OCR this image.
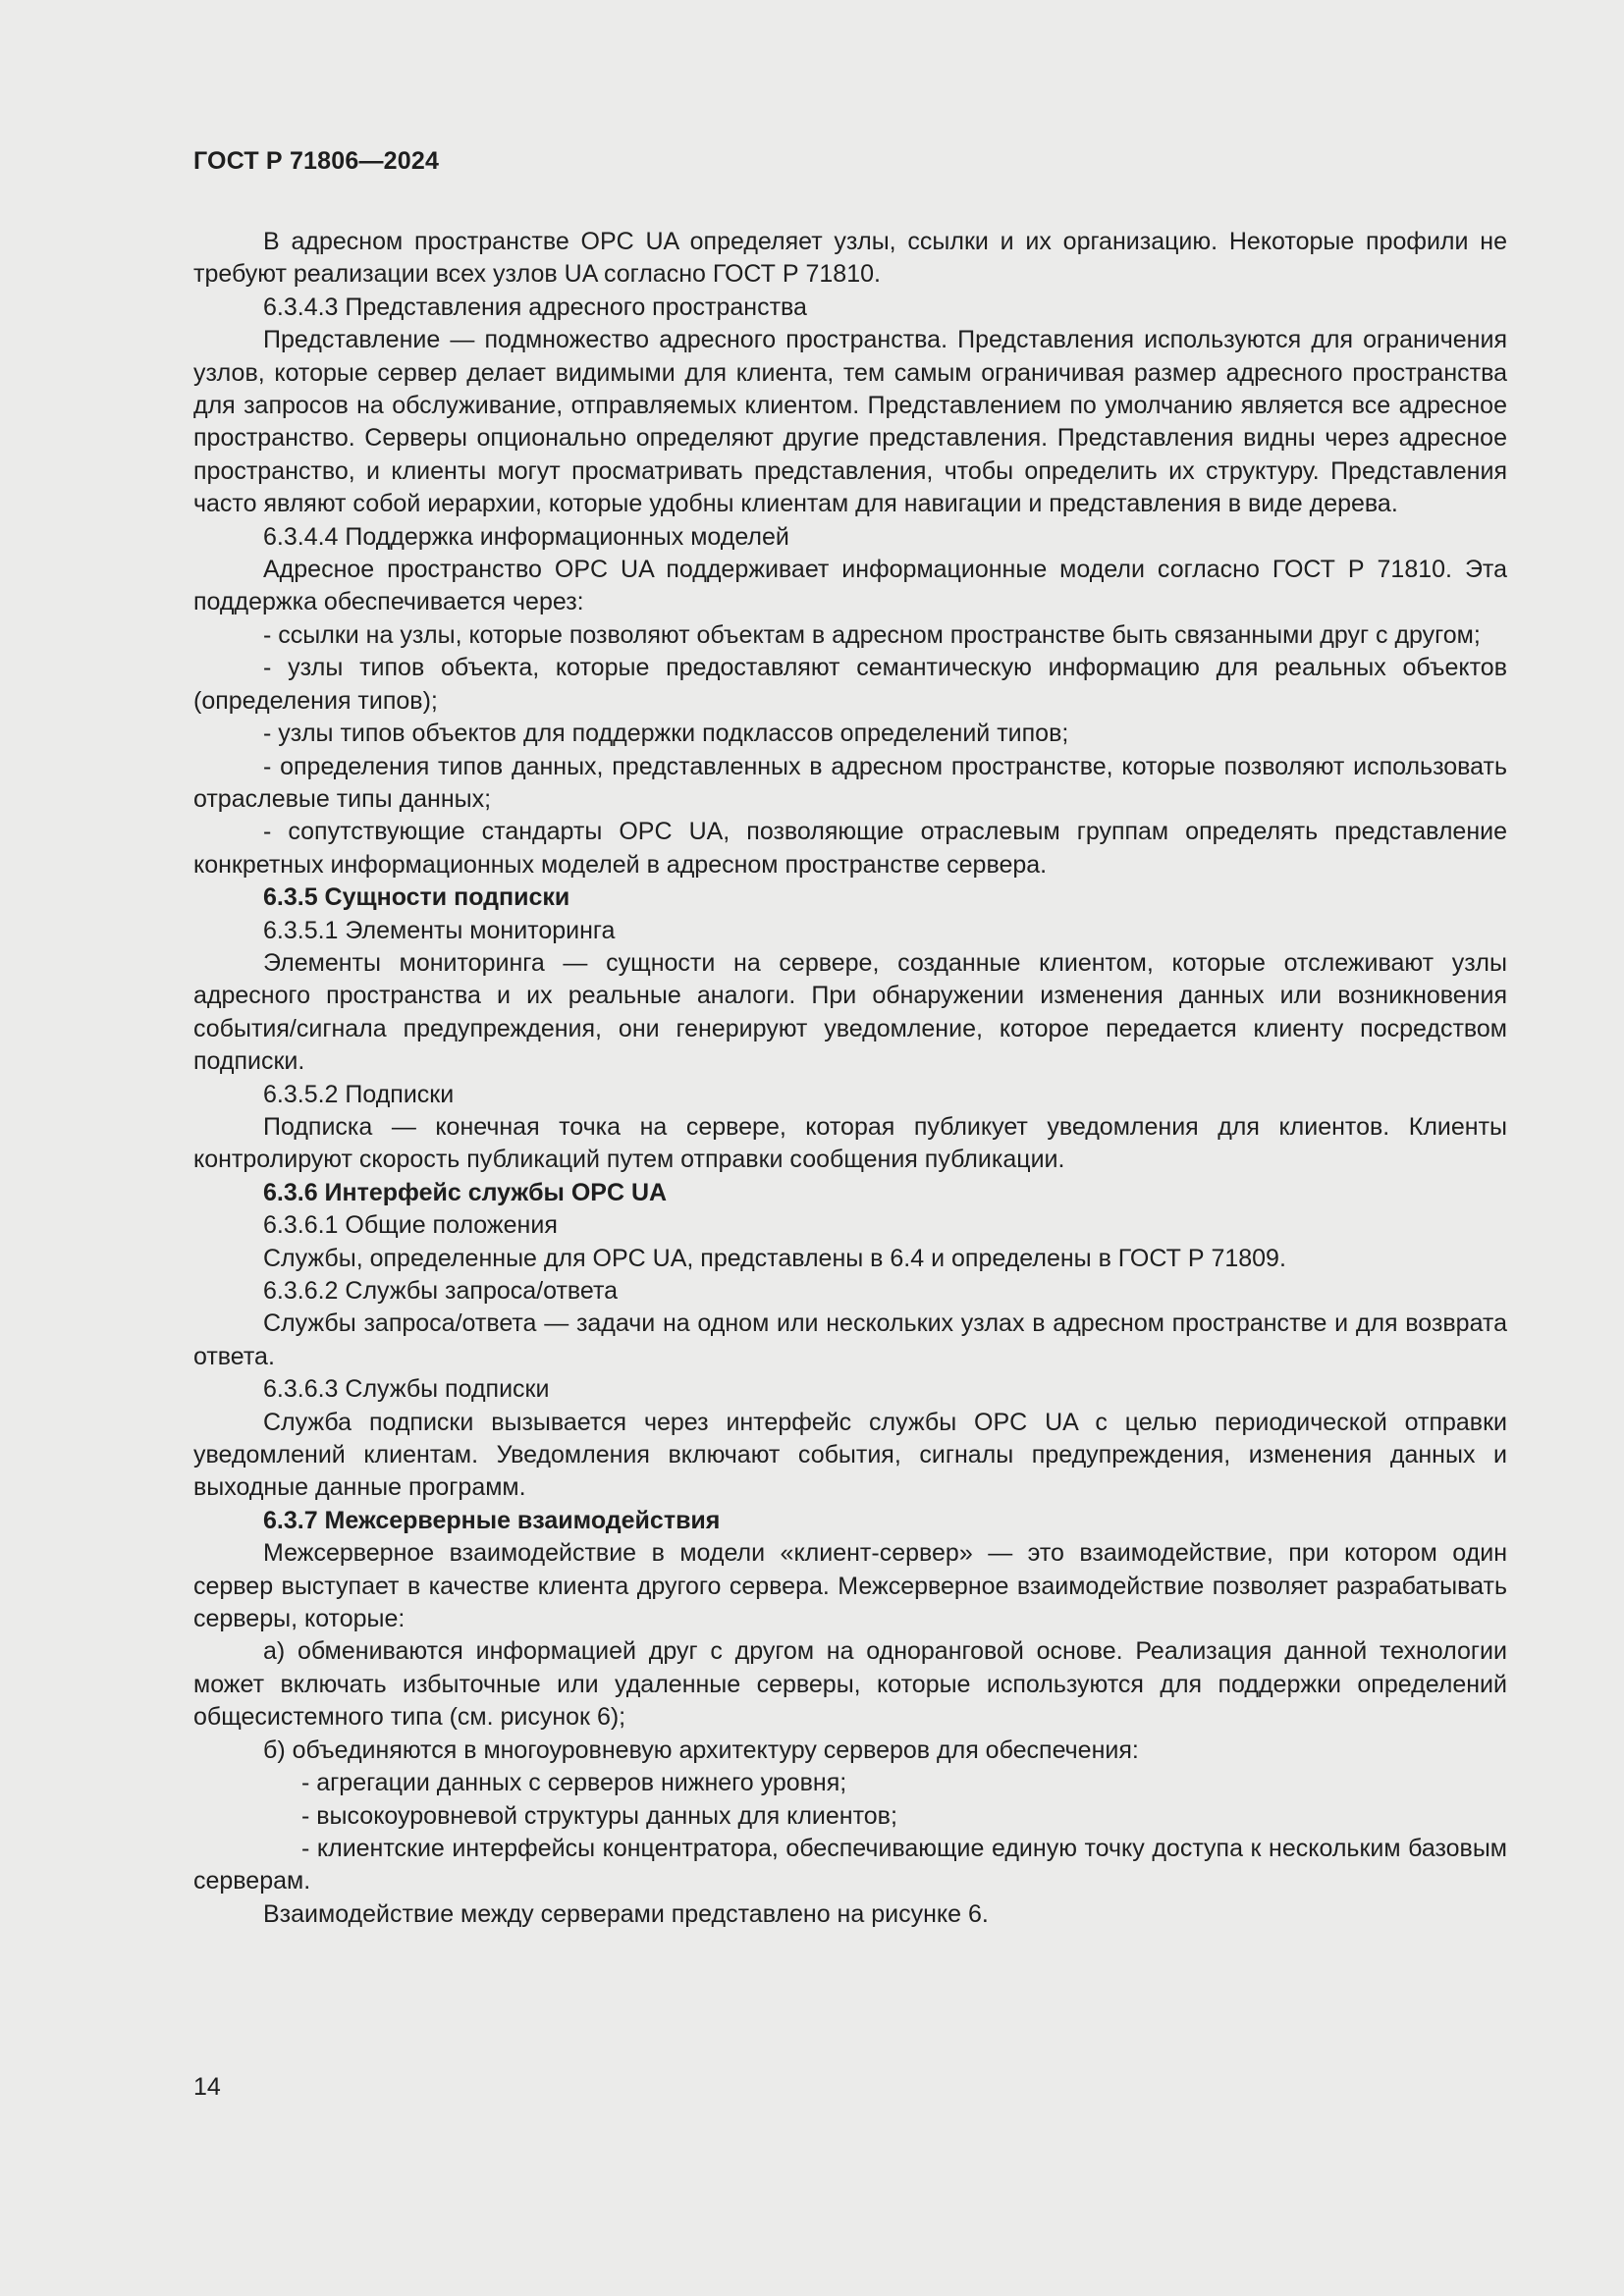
ГОСТ Р 71806—2024

В адресном пространстве OPC UA определяет узлы, ссылки и их организацию. Некоторые профили не требуют реализации всех узлов UA согласно ГОСТ Р 71810.

6.3.4.3 Представления адресного пространства

Представление — подмножество адресного пространства. Представления используются для ограничения узлов, которые сервер делает видимыми для клиента, тем самым ограничивая размер адресного пространства для запросов на обслуживание, отправляемых клиентом. Представлением по умолчанию является все адресное пространство. Серверы опционально определяют другие представления. Представления видны через адресное пространство, и клиенты могут просматривать представления, чтобы определить их структуру. Представления часто являют собой иерархии, которые удобны клиентам для навигации и представления в виде дерева.

6.3.4.4 Поддержка информационных моделей

Адресное пространство OPC UA поддерживает информационные модели согласно ГОСТ Р 71810. Эта поддержка обеспечивается через:

- ссылки на узлы, которые позволяют объектам в адресном пространстве быть связанными друг с другом;

- узлы типов объекта, которые предоставляют семантическую информацию для реальных объектов (определения типов);

- узлы типов объектов для поддержки подклассов определений типов;

- определения типов данных, представленных в адресном пространстве, которые позволяют использовать отраслевые типы данных;

- сопутствующие стандарты OPC UA, позволяющие отраслевым группам определять представление конкретных информационных моделей в адресном пространстве сервера.

6.3.5 Сущности подписки

6.3.5.1 Элементы мониторинга

Элементы мониторинга — сущности на сервере, созданные клиентом, которые отслеживают узлы адресного пространства и их реальные аналоги. При обнаружении изменения данных или возникновения события/сигнала предупреждения, они генерируют уведомление, которое передается клиенту посредством подписки.

6.3.5.2 Подписки

Подписка — конечная точка на сервере, которая публикует уведомления для клиентов. Клиенты контролируют скорость публикаций путем отправки сообщения публикации.

6.3.6 Интерфейс службы OPC UA

6.3.6.1 Общие положения

Службы, определенные для OPC UA, представлены в 6.4 и определены в ГОСТ Р 71809.

6.3.6.2 Службы запроса/ответа

Службы запроса/ответа — задачи на одном или нескольких узлах в адресном пространстве и для возврата ответа.

6.3.6.3 Службы подписки

Служба подписки вызывается через интерфейс службы OPC UA с целью периодической отправки уведомлений клиентам. Уведомления включают события, сигналы предупреждения, изменения данных и выходные данные программ.

6.3.7 Межсерверные взаимодействия

Межсерверное взаимодействие в модели «клиент-сервер» — это взаимодействие, при котором один сервер выступает в качестве клиента другого сервера. Межсерверное взаимодействие позволяет разрабатывать серверы, которые:

а) обмениваются информацией друг с другом на одноранговой основе. Реализация данной технологии может включать избыточные или удаленные серверы, которые используются для поддержки определений общесистемного типа (см. рисунок 6);

б) объединяются в многоуровневую архитектуру серверов для обеспечения:

- агрегации данных с серверов нижнего уровня;

- высокоуровневой структуры данных для клиентов;

- клиентские интерфейсы концентратора, обеспечивающие единую точку доступа к нескольким базовым серверам.

Взаимодействие между серверами представлено на рисунке 6.

14
